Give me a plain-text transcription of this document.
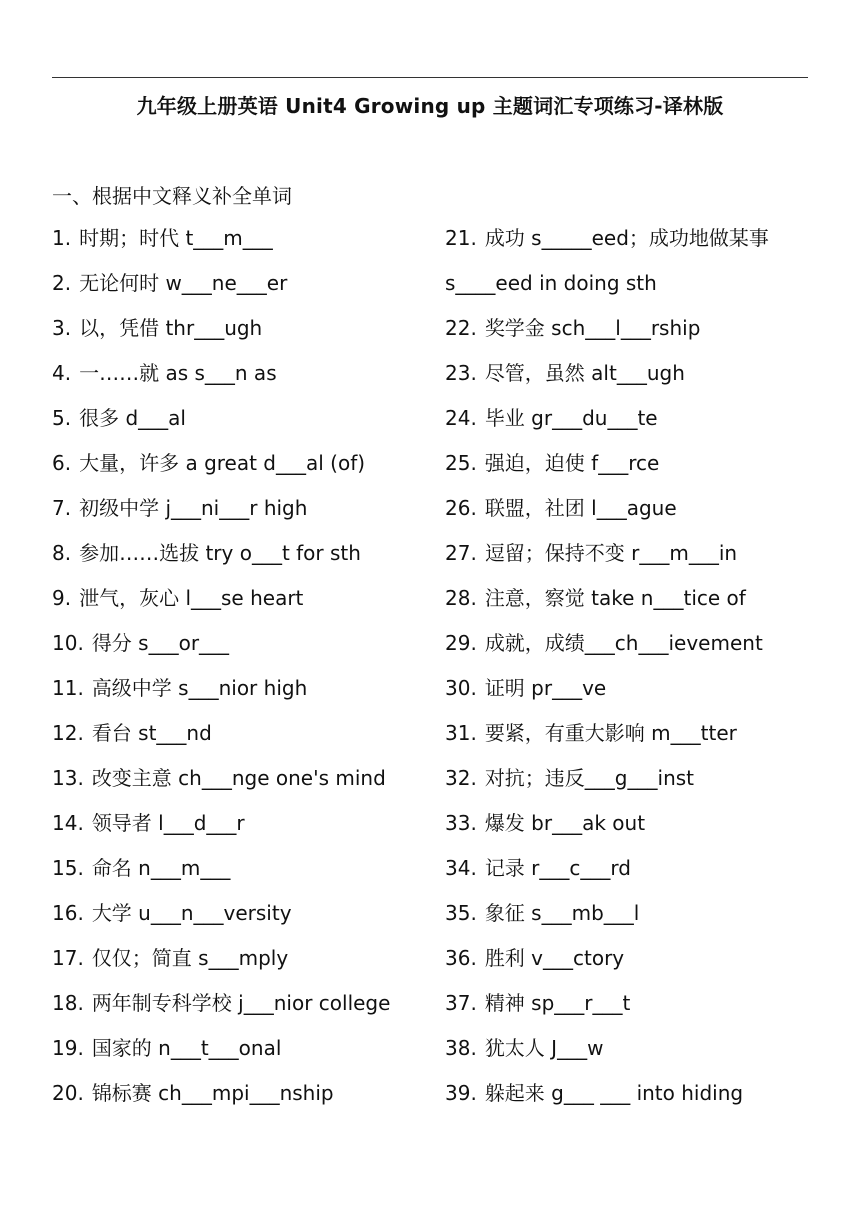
九年级上册英语 Unit4 Growing up 主题词汇专项练习-译林版
一、根据中文释义补全单词
1. 时期；时代 t___m___
2. 无论何时 w___ne___er
3. 以，凭借 thr___ugh
4. 一……就 as s___n as
5. 很多 d___al
6. 大量，许多 a great d___al (of)
7. 初级中学 j___ni___r high
8. 参加……选拔 try o___t for sth
9. 泄气，灰心 l___se heart
10. 得分 s___or___
11. 高级中学 s___nior high
12. 看台 st___nd
13. 改变主意 ch___nge one's mind
14. 领导者 l___d___r
15. 命名 n___m___
16. 大学 u___n___versity
17. 仅仅；简直 s___mply
18. 两年制专科学校 j___nior college
19. 国家的 n___t___onal
20. 锦标赛 ch___mpi___nship
21. 成功 s_____eed；成功地做某事
s____eed in doing sth
22. 奖学金 sch___l___rship
23. 尽管，虽然 alt___ugh
24. 毕业 gr___du___te
25. 强迫，迫使 f___rce
26. 联盟，社团 l___ague
27. 逗留；保持不变 r___m___in
28. 注意，察觉 take n___tice of
29. 成就，成绩___ch___ievement
30. 证明 pr___ve
31. 要紧，有重大影响 m___tter
32. 对抗；违反___g___inst
33. 爆发 br___ak out
34. 记录 r___c___rd
35. 象征 s___mb___l
36. 胜利 v___ctory
37. 精神 sp___r___t
38. 犹太人 J___w
39. 躲起来 g___ ___ into hiding
